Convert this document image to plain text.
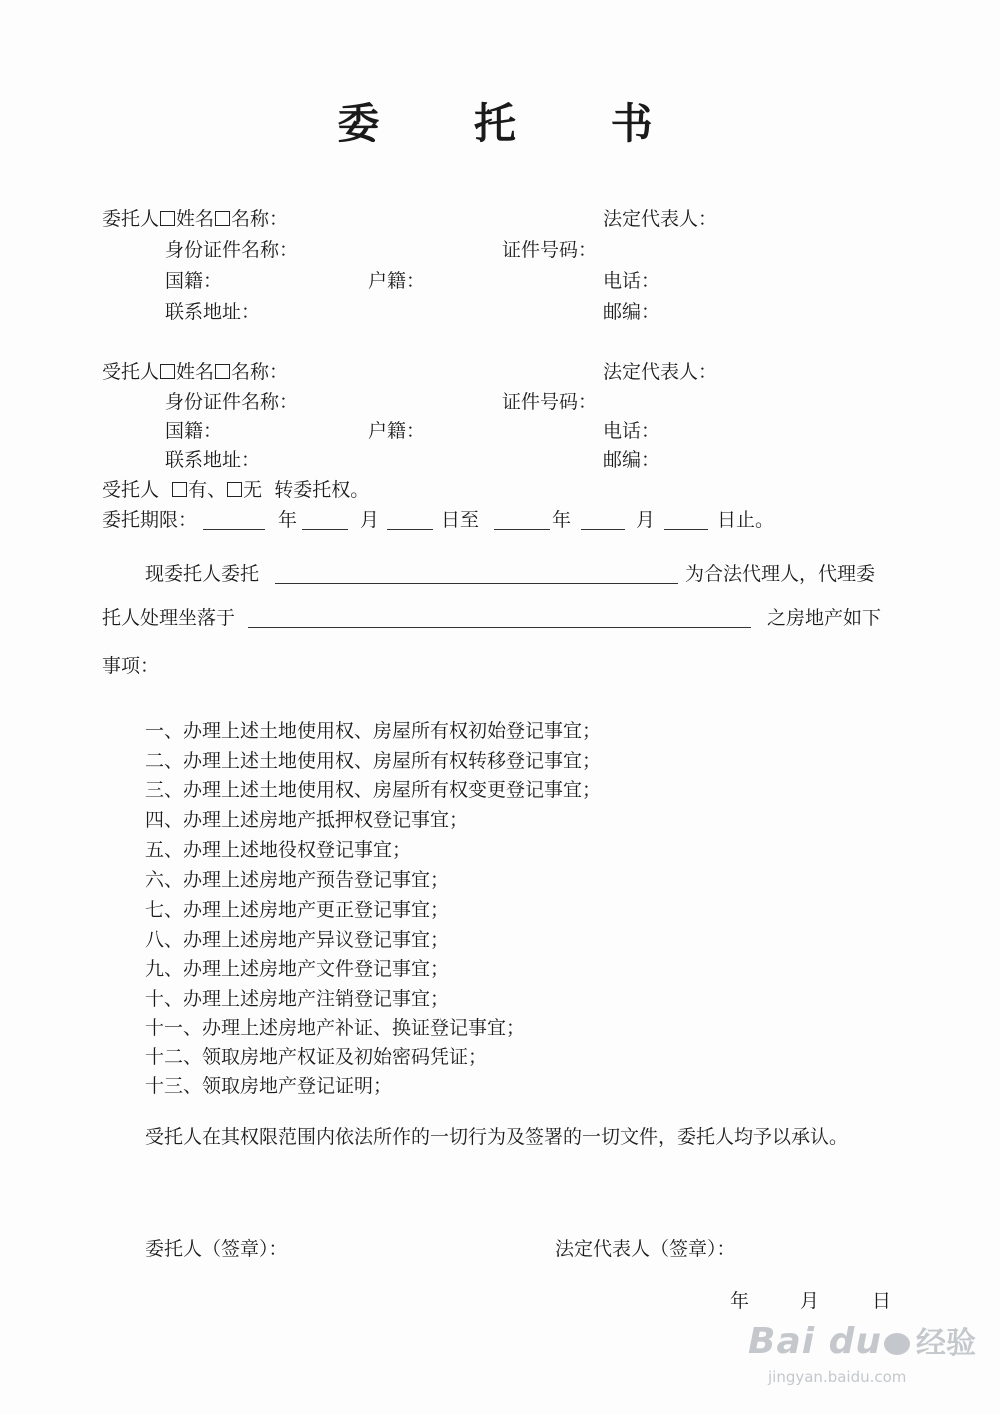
委 托 书
委托人 姓名 名称：	法定代表人：
身份证件名称：	证件号码：
国籍：	户籍：	电话：
联系地址：	邮编：
受托人 姓名 名称：	法定代表人：
身份证件名称：	证件号码：
国籍：	户籍：	电话：
联系地址：	邮编：
受托人 有、 无 转委托权。
委托期限：	年	月	日至	年	月	日止。
现委托人委托	为合法代理人，代理委
托人处理坐落于	之房地产如下
事项：
一、办理上述土地使用权、房屋所有权初始登记事宜；
二、办理上述土地使用权、房屋所有权转移登记事宜；
三、办理上述土地使用权、房屋所有权变更登记事宜；
四、办理上述房地产抵押权登记事宜；
五、办理上述地役权登记事宜；
六、办理上述房地产预告登记事宜；
七、办理上述房地产更正登记事宜；
八、办理上述房地产异议登记事宜；
九、办理上述房地产文件登记事宜；
十、办理上述房地产注销登记事宜；
十一、办理上述房地产补证、换证登记事宜；
十二、领取房地产权证及初始密码凭证；
十三、领取房地产登记证明；
受托人在其权限范围内依法所作的一切行为及签署的一切文件，委托人均予以承认。
委托人（签章）：	法定代表人（签章）：
年	月	日
Bai du 经验
jingyan.baidu.com
